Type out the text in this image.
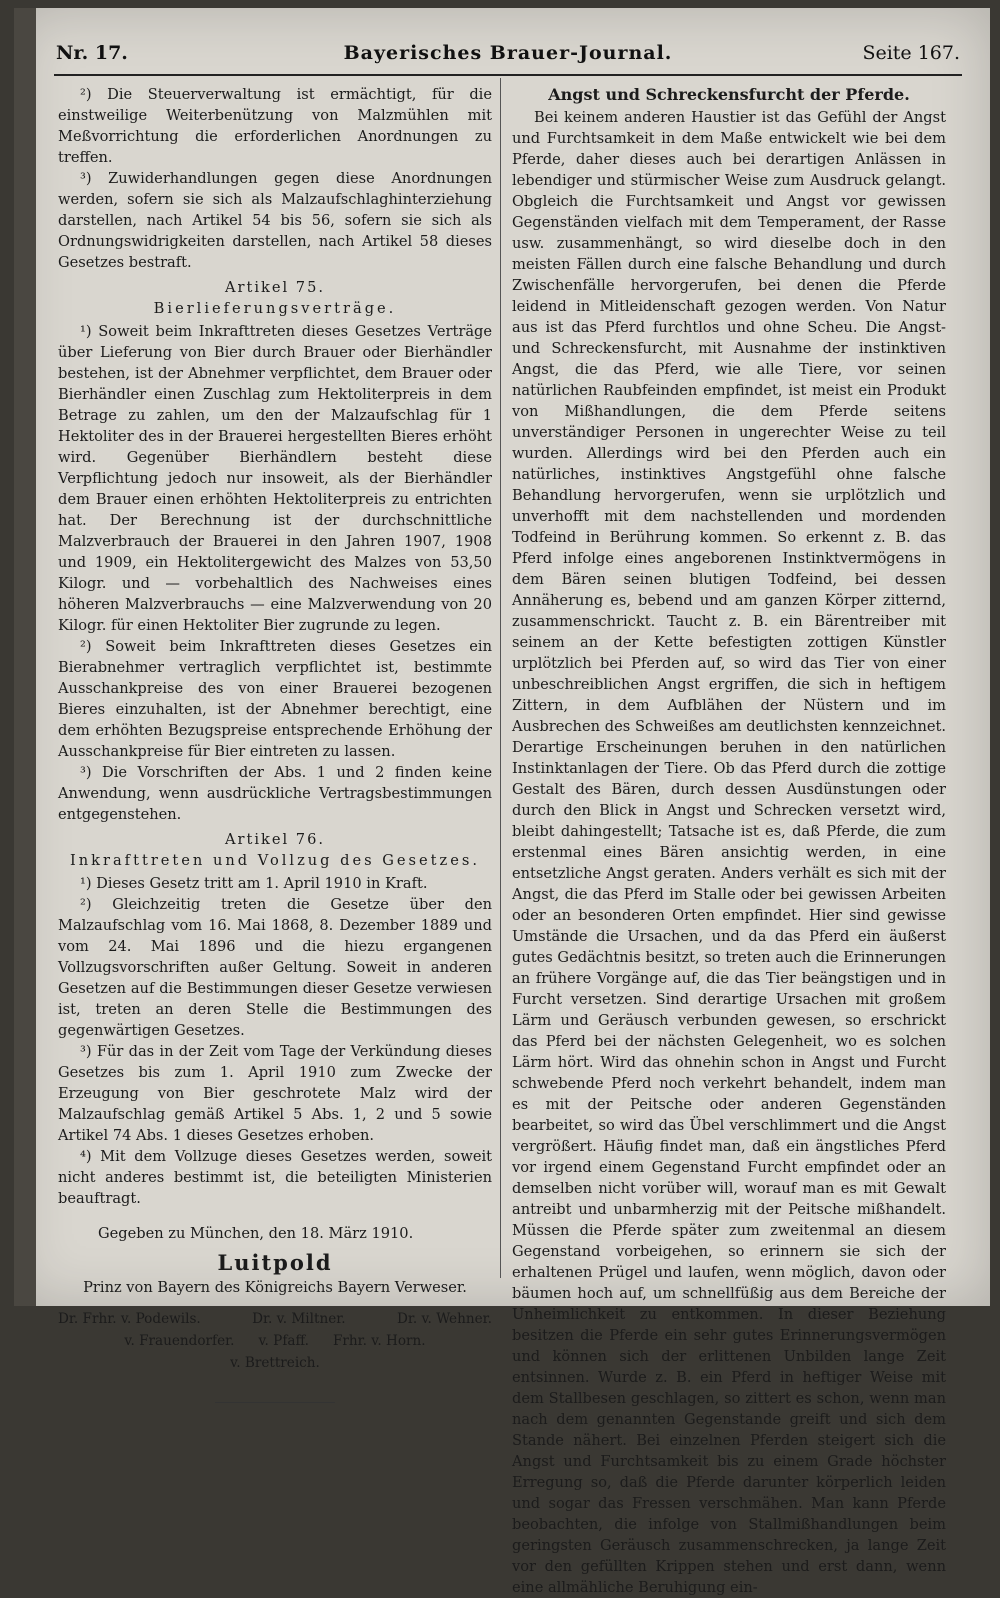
Nr. 17.	Bayerisches Brauer-Journal.	Seite 167.

²) Die Steuerverwaltung ist ermächtigt, für die einstweilige Weiterbenützung von Malzmühlen mit Meßvorrichtung die erforderlichen Anordnungen zu treffen.

³) Zuwiderhandlungen gegen diese Anordnungen werden, sofern sie sich als Malzaufschlaghinterziehung darstellen, nach Artikel 54 bis 56, sofern sie sich als Ordnungswidrigkeiten darstellen, nach Artikel 58 dieses Gesetzes bestraft.

Artikel 75.
Bierlieferungsverträge.

¹) Soweit beim Inkrafttreten dieses Gesetzes Verträge über Lieferung von Bier durch Brauer oder Bierhändler bestehen, ist der Abnehmer verpflichtet, dem Brauer oder Bierhändler einen Zuschlag zum Hektoliterpreis in dem Betrage zu zahlen, um den der Malzaufschlag für 1 Hektoliter des in der Brauerei hergestellten Bieres erhöht wird. Gegenüber Bierhändlern besteht diese Verpflichtung jedoch nur insoweit, als der Bierhändler dem Brauer einen erhöhten Hektoliterpreis zu entrichten hat. Der Berechnung ist der durchschnittliche Malzverbrauch der Brauerei in den Jahren 1907, 1908 und 1909, ein Hektolitergewicht des Malzes von 53,50 Kilogr. und — vorbehaltlich des Nachweises eines höheren Malzverbrauchs — eine Malzverwendung von 20 Kilogr. für einen Hektoliter Bier zugrunde zu legen.

²) Soweit beim Inkrafttreten dieses Gesetzes ein Bierabnehmer vertraglich verpflichtet ist, bestimmte Ausschankpreise des von einer Brauerei bezogenen Bieres einzuhalten, ist der Abnehmer berechtigt, eine dem erhöhten Bezugspreise entsprechende Erhöhung der Ausschankpreise für Bier eintreten zu lassen.

³) Die Vorschriften der Abs. 1 und 2 finden keine Anwendung, wenn ausdrückliche Vertragsbestimmungen entgegenstehen.

Artikel 76.
Inkrafttreten und Vollzug des Gesetzes.

¹) Dieses Gesetz tritt am 1. April 1910 in Kraft.

²) Gleichzeitig treten die Gesetze über den Malzaufschlag vom 16. Mai 1868, 8. Dezember 1889 und vom 24. Mai 1896 und die hiezu ergangenen Vollzugsvorschriften außer Geltung. Soweit in anderen Gesetzen auf die Bestimmungen dieser Gesetze verwiesen ist, treten an deren Stelle die Bestimmungen des gegenwärtigen Gesetzes.

³) Für das in der Zeit vom Tage der Verkündung dieses Gesetzes bis zum 1. April 1910 zum Zwecke der Erzeugung von Bier geschrotete Malz wird der Malzaufschlag gemäß Artikel 5 Abs. 1, 2 und 5 sowie Artikel 74 Abs. 1 dieses Gesetzes erhoben.

⁴) Mit dem Vollzuge dieses Gesetzes werden, soweit nicht anderes bestimmt ist, die beteiligten Ministerien beauftragt.

Gegeben zu München, den 18. März 1910.

Luitpold
Prinz von Bayern des Königreichs Bayern Verweser.
Dr. Frhr. v. Podewils.	Dr. v. Miltner.	Dr. v. Wehner.
v. Frauendorfer. v. Pfaff. Frhr. v. Horn.
v. Brettreich.
Angst und Schreckensfurcht der Pferde.

Bei keinem anderen Haustier ist das Gefühl der Angst und Furchtsamkeit in dem Maße entwickelt wie bei dem Pferde, daher dieses auch bei derartigen Anlässen in lebendiger und stürmischer Weise zum Ausdruck gelangt. Obgleich die Furchtsamkeit und Angst vor gewissen Gegenständen vielfach mit dem Temperament, der Rasse usw. zusammenhängt, so wird dieselbe doch in den meisten Fällen durch eine falsche Behandlung und durch Zwischenfälle hervorgerufen, bei denen die Pferde leidend in Mitleidenschaft gezogen werden. Von Natur aus ist das Pferd furchtlos und ohne Scheu. Die Angst- und Schreckensfurcht, mit Ausnahme der instinktiven Angst, die das Pferd, wie alle Tiere, vor seinen natürlichen Raubfeinden empfindet, ist meist ein Produkt von Mißhandlungen, die dem Pferde seitens unverständiger Personen in ungerechter Weise zu teil wurden. Allerdings wird bei den Pferden auch ein natürliches, instinktives Angstgefühl ohne falsche Behandlung hervorgerufen, wenn sie urplötzlich und unverhofft mit dem nachstellenden und mordenden Todfeind in Berührung kommen. So erkennt z. B. das Pferd infolge eines angeborenen Instinktvermögens in dem Bären seinen blutigen Todfeind, bei dessen Annäherung es, bebend und am ganzen Körper zitternd, zusammenschrickt. Taucht z. B. ein Bärentreiber mit seinem an der Kette befestigten zottigen Künstler urplötzlich bei Pferden auf, so wird das Tier von einer unbeschreiblichen Angst ergriffen, die sich in heftigem Zittern, in dem Aufblähen der Nüstern und im Ausbrechen des Schweißes am deutlichsten kennzeichnet. Derartige Erscheinungen beruhen in den natürlichen Instinktanlagen der Tiere. Ob das Pferd durch die zottige Gestalt des Bären, durch dessen Ausdünstungen oder durch den Blick in Angst und Schrecken versetzt wird, bleibt dahingestellt; Tatsache ist es, daß Pferde, die zum erstenmal eines Bären ansichtig werden, in eine entsetzliche Angst geraten. Anders verhält es sich mit der Angst, die das Pferd im Stalle oder bei gewissen Arbeiten oder an besonderen Orten empfindet. Hier sind gewisse Umstände die Ursachen, und da das Pferd ein äußerst gutes Gedächtnis besitzt, so treten auch die Erinnerungen an frühere Vorgänge auf, die das Tier beängstigen und in Furcht versetzen. Sind derartige Ursachen mit großem Lärm und Geräusch verbunden gewesen, so erschrickt das Pferd bei der nächsten Gelegenheit, wo es solchen Lärm hört. Wird das ohnehin schon in Angst und Furcht schwebende Pferd noch verkehrt behandelt, indem man es mit der Peitsche oder anderen Gegenständen bearbeitet, so wird das Übel verschlimmert und die Angst vergrößert. Häufig findet man, daß ein ängstliches Pferd vor irgend einem Gegenstand Furcht empfindet oder an demselben nicht vorüber will, worauf man es mit Gewalt antreibt und unbarmherzig mit der Peitsche mißhandelt. Müssen die Pferde später zum zweitenmal an diesem Gegenstand vorbeigehen, so erinnern sie sich der erhaltenen Prügel und laufen, wenn möglich, davon oder bäumen hoch auf, um schnellfüßig aus dem Bereiche der Unheimlichkeit zu entkommen. In dieser Beziehung besitzen die Pferde ein sehr gutes Erinnerungsvermögen und können sich der erlittenen Unbilden lange Zeit entsinnen. Wurde z. B. ein Pferd in heftiger Weise mit dem Stallbesen geschlagen, so zittert es schon, wenn man nach dem genannten Gegenstande greift und sich dem Stande nähert. Bei einzelnen Pferden steigert sich die Angst und Furchtsamkeit bis zu einem Grade höchster Erregung so, daß die Pferde darunter körperlich leiden und sogar das Fressen verschmähen. Man kann Pferde beobachten, die infolge von Stallmißhandlungen beim geringsten Geräusch zusammenschrecken, ja lange Zeit vor den gefüllten Krippen stehen und erst dann, wenn eine allmähliche Beruhigung ein-
